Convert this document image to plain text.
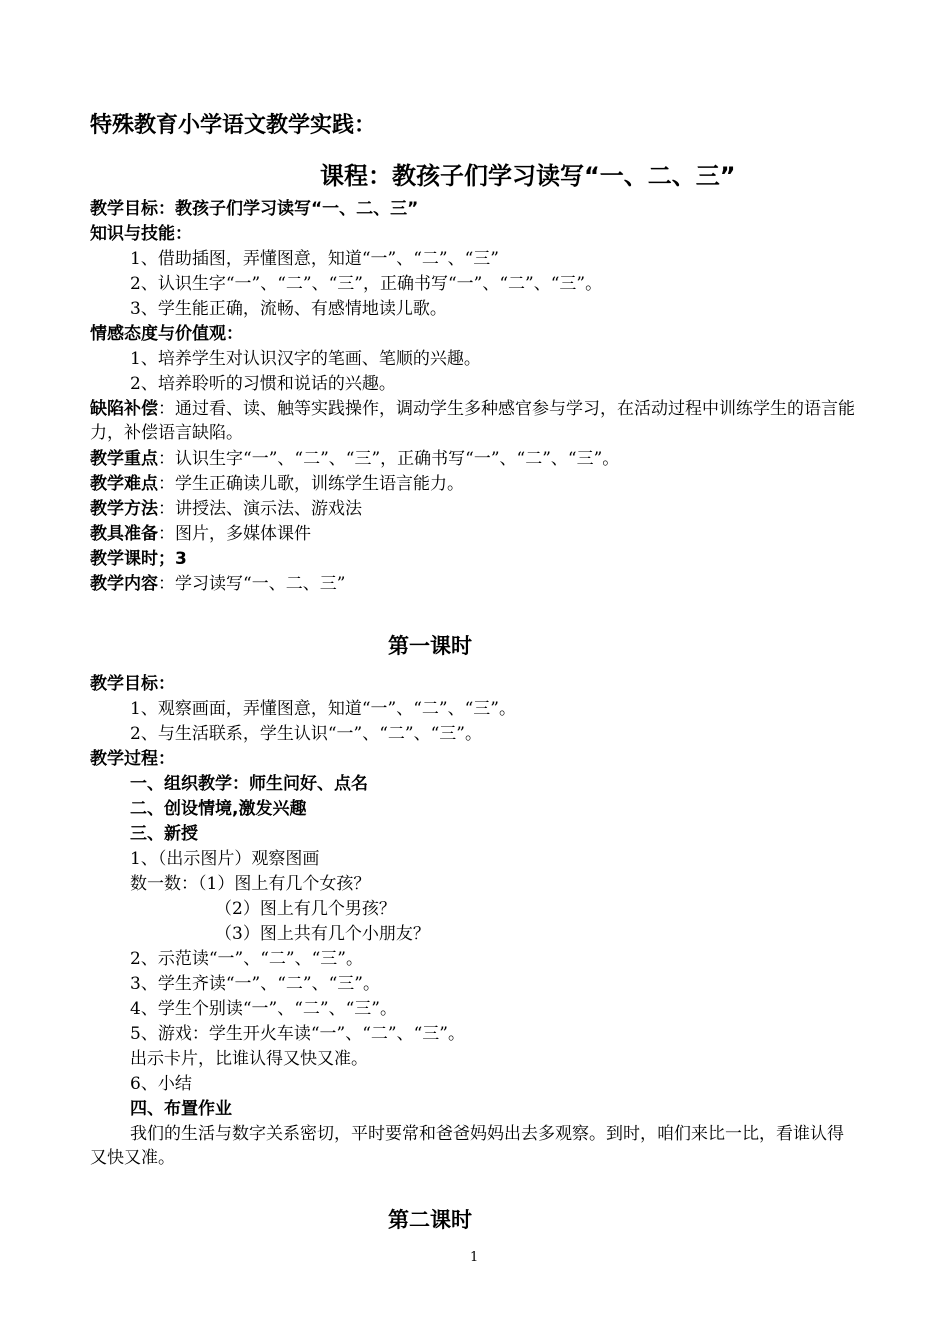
特殊教育小学语文教学实践：
课程：教孩子们学习读写“一、二、三”
教学目标：教孩子们学习读写“一、二、三”
知识与技能：
1、借助插图，弄懂图意，知道“一”、“二”、“三”
2、认识生字“一”、“二”、“三”，正确书写“一”、“二”、“三”。
3、学生能正确，流畅、有感情地读儿歌。
情感态度与价值观：
1、培养学生对认识汉字的笔画、笔顺的兴趣。
2、培养聆听的习惯和说话的兴趣。
缺陷补偿：通过看、读、触等实践操作，调动学生多种感官参与学习，在活动过程中训练学生的语言能力，补偿语言缺陷。
教学重点：认识生字“一”、“二”、“三”，正确书写“一”、“二”、“三”。
教学难点：学生正确读儿歌，训练学生语言能力。
教学方法：讲授法、演示法、游戏法
教具准备：图片，多媒体课件
教学课时；3
教学内容：学习读写“一、二、三”
第一课时
教学目标：
1、观察画面，弄懂图意，知道“一”、“二”、“三”。
2、与生活联系，学生认识“一”、“二”、“三”。
教学过程：
一、组织教学：师生问好、点名
二、创设情境,激发兴趣
三、新授
1、（出示图片）观察图画
数一数：（1）图上有几个女孩？
（2）图上有几个男孩？
（3）图上共有几个小朋友？
2、示范读“一”、“二”、“三”。
3、学生齐读“一”、“二”、“三”。
4、学生个别读“一”、“二”、“三”。
5、游戏：学生开火车读“一”、“二”、“三”。
出示卡片，比谁认得又快又准。
6、小结
四、布置作业
我们的生活与数字关系密切，平时要常和爸爸妈妈出去多观察。到时，咱们来比一比，看谁认得又快又准。
第二课时
1
